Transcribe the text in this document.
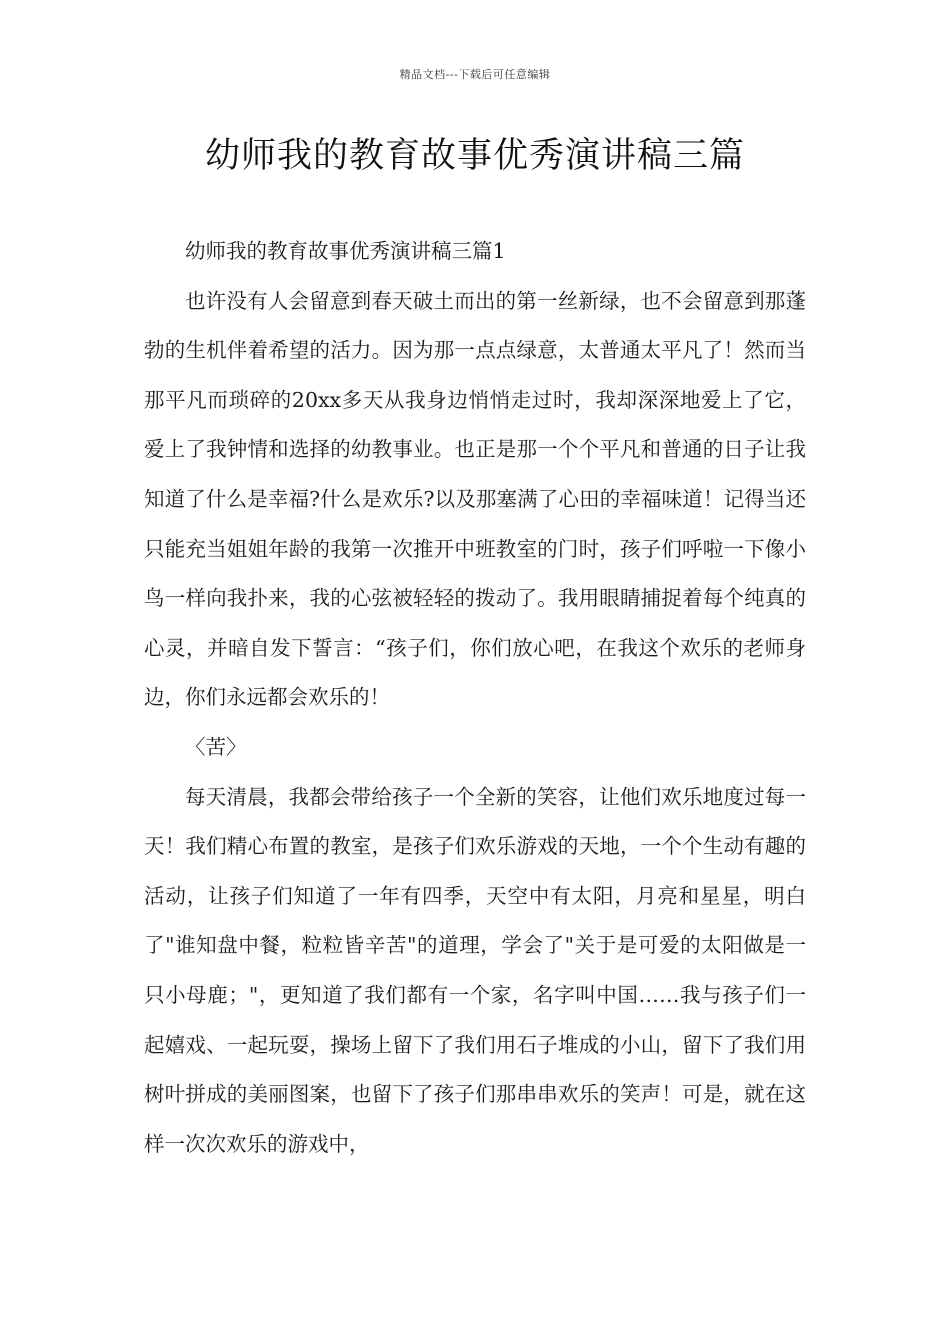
精品文档---下载后可任意编辑
幼师我的教育故事优秀演讲稿三篇

幼师我的教育故事优秀演讲稿三篇1

也许没有人会留意到春天破土而出的第一丝新绿，也不会留意到那蓬勃的生机伴着希望的活力。因为那一点点绿意，太普通太平凡了！然而当那平凡而琐碎的20xx多天从我身边悄悄走过时，我却深深地爱上了它，爱上了我钟情和选择的幼教事业。也正是那一个个平凡和普通的日子让我知道了什么是幸福?什么是欢乐?以及那塞满了心田的幸福味道！记得当还只能充当姐姐年龄的我第一次推开中班教室的门时，孩子们呼啦一下像小鸟一样向我扑来，我的心弦被轻轻的拨动了。我用眼睛捕捉着每个纯真的心灵，并暗自发下誓言：“孩子们，你们放心吧，在我这个欢乐的老师身边，你们永远都会欢乐的！

〈苦〉

每天清晨，我都会带给孩子一个全新的笑容，让他们欢乐地度过每一天！我们精心布置的教室，是孩子们欢乐游戏的天地，一个个生动有趣的活动，让孩子们知道了一年有四季，天空中有太阳，月亮和星星，明白了"谁知盘中餐，粒粒皆辛苦"的道理，学会了"关于是可爱的太阳做是一只小母鹿；"，更知道了我们都有一个家，名字叫中国……我与孩子们一起嬉戏、一起玩耍，操场上留下了我们用石子堆成的小山，留下了我们用树叶拼成的美丽图案，也留下了孩子们那串串欢乐的笑声！可是，就在这样一次次欢乐的游戏中，
